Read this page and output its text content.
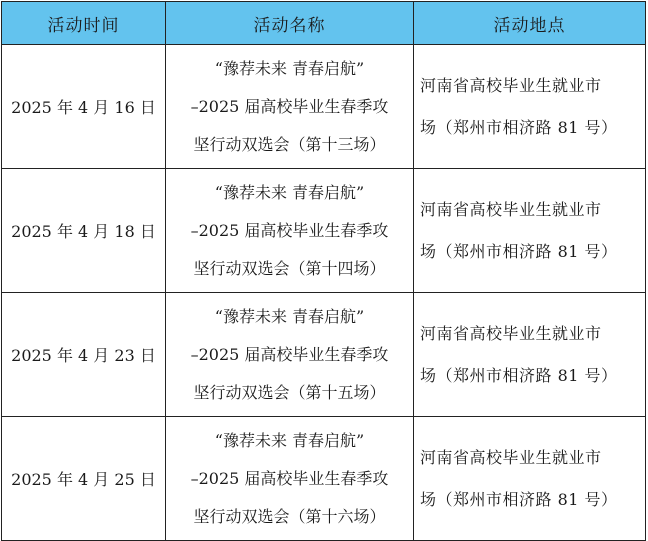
活动时间	活动名称	活动地点
2025 年 4 月 16 日	“豫荐未来 青春启航”
–2025 届高校毕业生春季攻
坚行动双选会（第十三场）	河南省高校毕业生就业市
场（郑州市相济路 81 号）

2025 年 4 月 18 日	“豫荐未来 青春启航”
–2025 届高校毕业生春季攻
坚行动双选会（第十四场）	河南省高校毕业生就业市
场（郑州市相济路 81 号）

2025 年 4 月 23 日	“豫荐未来 青春启航”
–2025 届高校毕业生春季攻
坚行动双选会（第十五场）	河南省高校毕业生就业市
场（郑州市相济路 81 号）

2025 年 4 月 25 日	“豫荐未来 青春启航”
–2025 届高校毕业生春季攻
坚行动双选会（第十六场）	河南省高校毕业生就业市
场（郑州市相济路 81 号）
